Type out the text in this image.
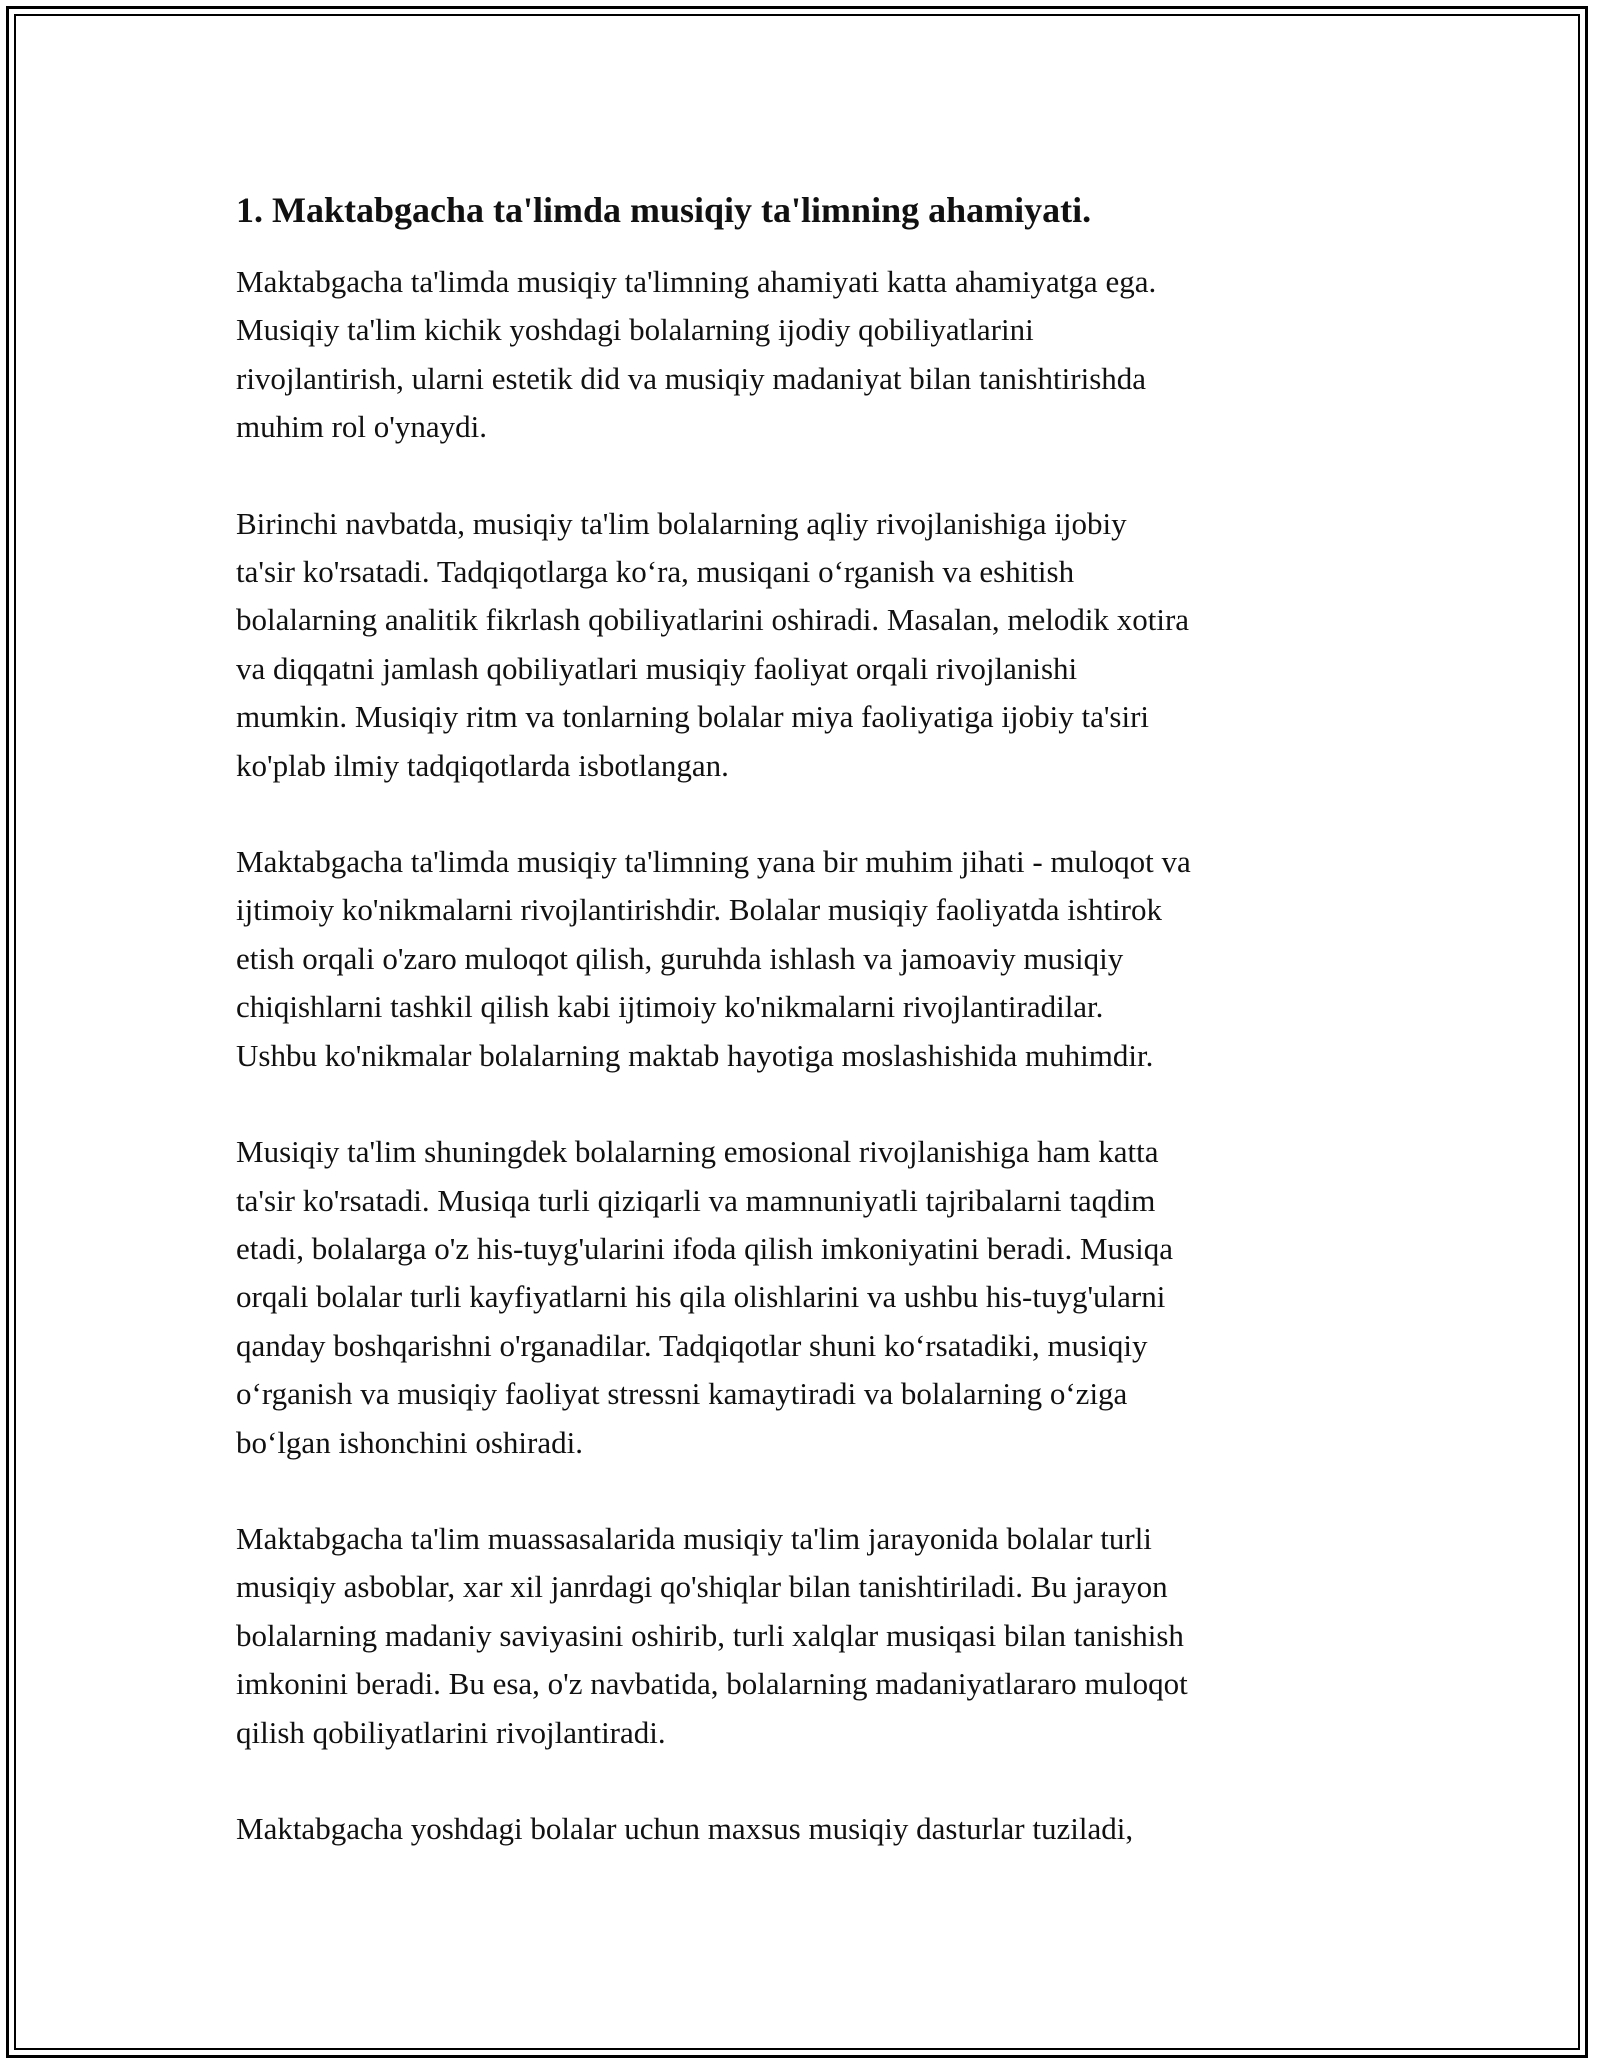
1. Maktabgacha ta'limda musiqiy ta'limning ahamiyati.

Maktabgacha ta'limda musiqiy ta'limning ahamiyati katta ahamiyatga ega.
Musiqiy ta'lim kichik yoshdagi bolalarning ijodiy qobiliyatlarini
rivojlantirish, ularni estetik did va musiqiy madaniyat bilan tanishtirishda
muhim rol o'ynaydi.

Birinchi navbatda, musiqiy ta'lim bolalarning aqliy rivojlanishiga ijobiy
ta'sir ko'rsatadi. Tadqiqotlarga ko‘ra, musiqani o‘rganish va eshitish
bolalarning analitik fikrlash qobiliyatlarini oshiradi. Masalan, melodik xotira
va diqqatni jamlash qobiliyatlari musiqiy faoliyat orqali rivojlanishi
mumkin. Musiqiy ritm va tonlarning bolalar miya faoliyatiga ijobiy ta'siri
ko'plab ilmiy tadqiqotlarda isbotlangan.

Maktabgacha ta'limda musiqiy ta'limning yana bir muhim jihati - muloqot va
ijtimoiy ko'nikmalarni rivojlantirishdir. Bolalar musiqiy faoliyatda ishtirok
etish orqali o'zaro muloqot qilish, guruhda ishlash va jamoaviy musiqiy
chiqishlarni tashkil qilish kabi ijtimoiy ko'nikmalarni rivojlantiradilar.
Ushbu ko'nikmalar bolalarning maktab hayotiga moslashishida muhimdir.

Musiqiy ta'lim shuningdek bolalarning emosional rivojlanishiga ham katta
ta'sir ko'rsatadi. Musiqa turli qiziqarli va mamnuniyatli tajribalarni taqdim
etadi, bolalarga o'z his-tuyg'ularini ifoda qilish imkoniyatini beradi. Musiqa
orqali bolalar turli kayfiyatlarni his qila olishlarini va ushbu his-tuyg'ularni
qanday boshqarishni o'rganadilar. Tadqiqotlar shuni ko‘rsatadiki, musiqiy
o‘rganish va musiqiy faoliyat stressni kamaytiradi va bolalarning o‘ziga
bo‘lgan ishonchini oshiradi.

Maktabgacha ta'lim muassasalarida musiqiy ta'lim jarayonida bolalar turli
musiqiy asboblar, xar xil janrdagi qo'shiqlar bilan tanishtiriladi. Bu jarayon
bolalarning madaniy saviyasini oshirib, turli xalqlar musiqasi bilan tanishish
imkonini beradi. Bu esa, o'z navbatida, bolalarning madaniyatlararo muloqot
qilish qobiliyatlarini rivojlantiradi.

Maktabgacha yoshdagi bolalar uchun maxsus musiqiy dasturlar tuziladi,
